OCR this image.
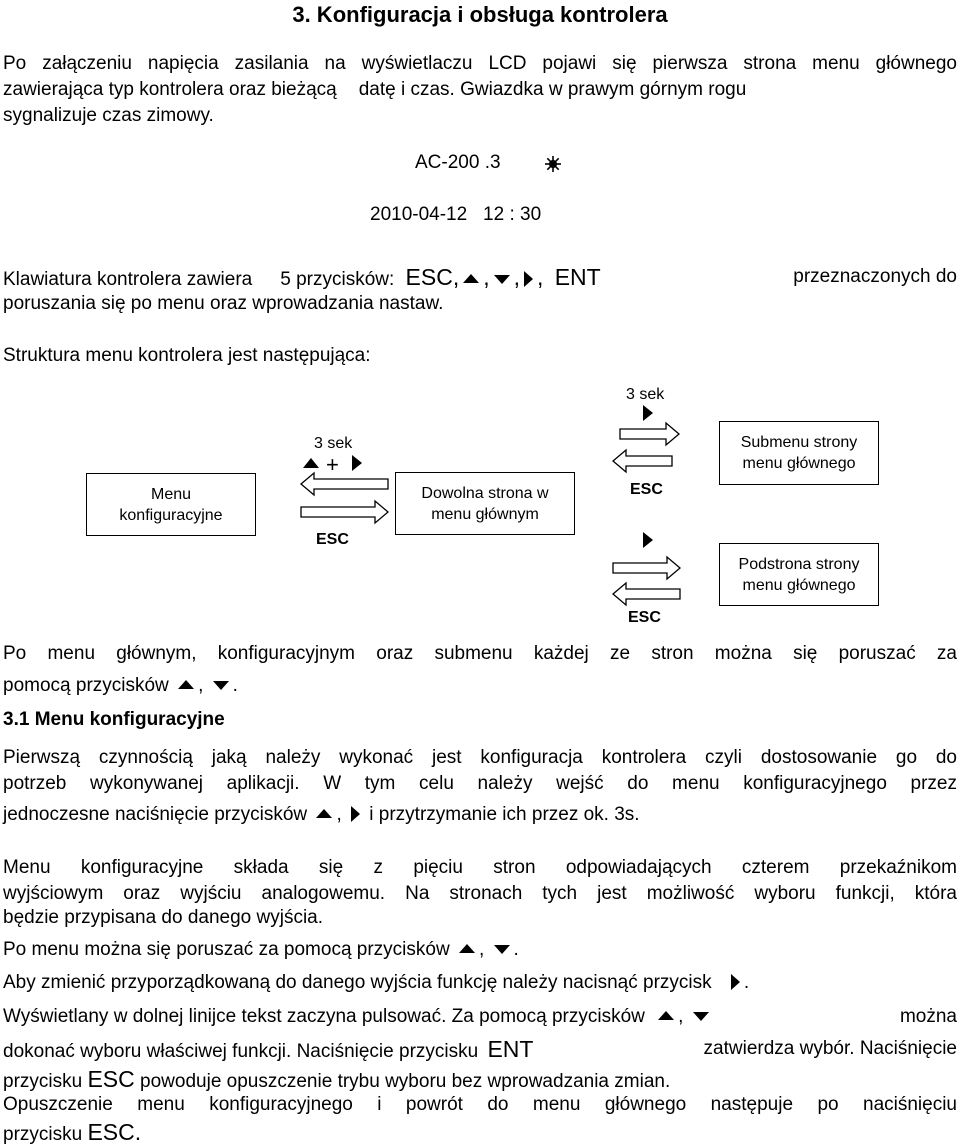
3. Konfiguracja i obsługa kontrolera
Po załączeniu napięcia zasilania na wyświetlaczu LCD pojawi się pierwsza strona menu głównego
zawierająca typ kontrolera oraz bieżącą datę i czas. Gwiazdka w prawym górnym rogu
sygnalizuje czas zimowy.
AC-200 .3
2010-04-12   12 : 30
Klawiatura kontrolera zawiera 5 przycisków: ESC, , , , ENT	przeznaczonych do
poruszania się po menu oraz wprowadzania nastaw.
Struktura menu kontrolera jest następująca:
Menu konfiguracyjne
Dowolna strona w menu głównym
Submenu strony menu głównego
Podstrona strony menu głównego
3 sek
+
ESC
3 sek
ESC
ESC
Po menu głównym, konfiguracyjnym oraz submenu każdej ze stron można się poruszać za
pomocą przycisków , .
3.1 Menu konfiguracyjne
Pierwszą czynnością jaką należy wykonać jest konfiguracja kontrolera czyli dostosowanie go do
potrzeb wykonywanej aplikacji. W tym celu należy wejść do menu konfiguracyjnego przez
jednoczesne naciśnięcie przycisków , i przytrzymanie ich przez ok. 3s.
Menu konfiguracyjne składa się z pięciu stron odpowiadających czterem przekaźnikom
wyjściowym oraz wyjściu analogowemu. Na stronach tych jest możliwość wyboru funkcji, która
będzie przypisana do danego wyjścia.
Po menu można się poruszać za pomocą przycisków , .
Aby zmienić przyporządkowaną do danego wyjścia funkcję należy nacisnąć przycisk .
Wyświetlany w dolnej linijce tekst zaczyna pulsować. Za pomocą przycisków ,	można
dokonać wyboru właściwej funkcji. Naciśnięcie przycisku ENT	zatwierdza wybór. Naciśnięcie
przycisku ESC powoduje opuszczenie trybu wyboru bez wprowadzania zmian.
Opuszczenie menu konfiguracyjnego i powrót do menu głównego następuje po naciśnięciu
przycisku ESC.
